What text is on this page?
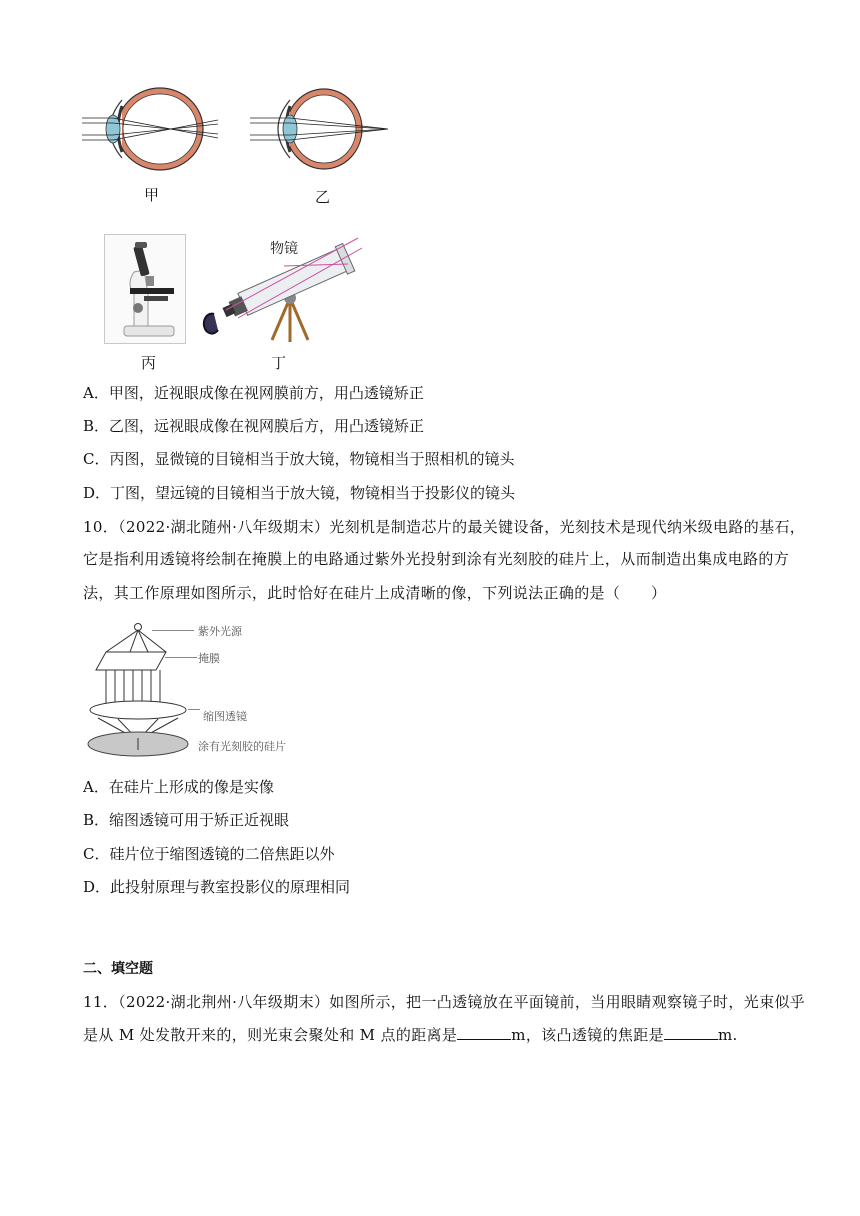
甲	乙
丙
物镜
丁
A．甲图，近视眼成像在视网膜前方，用凸透镜矫正
B．乙图，远视眼成像在视网膜后方，用凸透镜矫正
C．丙图，显微镜的目镜相当于放大镜，物镜相当于照相机的镜头
D．丁图，望远镜的目镜相当于放大镜，物镜相当于投影仪的镜头
10．（2022·湖北随州·八年级期末）光刻机是制造芯片的最关键设备，光刻技术是现代纳米级电路的基石，
它是指利用透镜将绘制在掩膜上的电路通过紫外光投射到涂有光刻胶的硅片上，从而制造出集成电路的方
法，其工作原理如图所示，此时恰好在硅片上成清晰的像，下列说法正确的是（　　）
紫外光源
掩膜
缩图透镜
涂有光刻胶的硅片
A．在硅片上形成的像是实像
B．缩图透镜可用于矫正近视眼
C．硅片位于缩图透镜的二倍焦距以外
D．此投射原理与教室投影仪的原理相同
二、填空题
11．（2022·湖北荆州·八年级期末）如图所示，把一凸透镜放在平面镜前，当用眼睛观察镜子时，光束似乎
是从 M 处发散开来的，则光束会聚处和 M 点的距离是	m，该凸透镜的焦距是	m.
